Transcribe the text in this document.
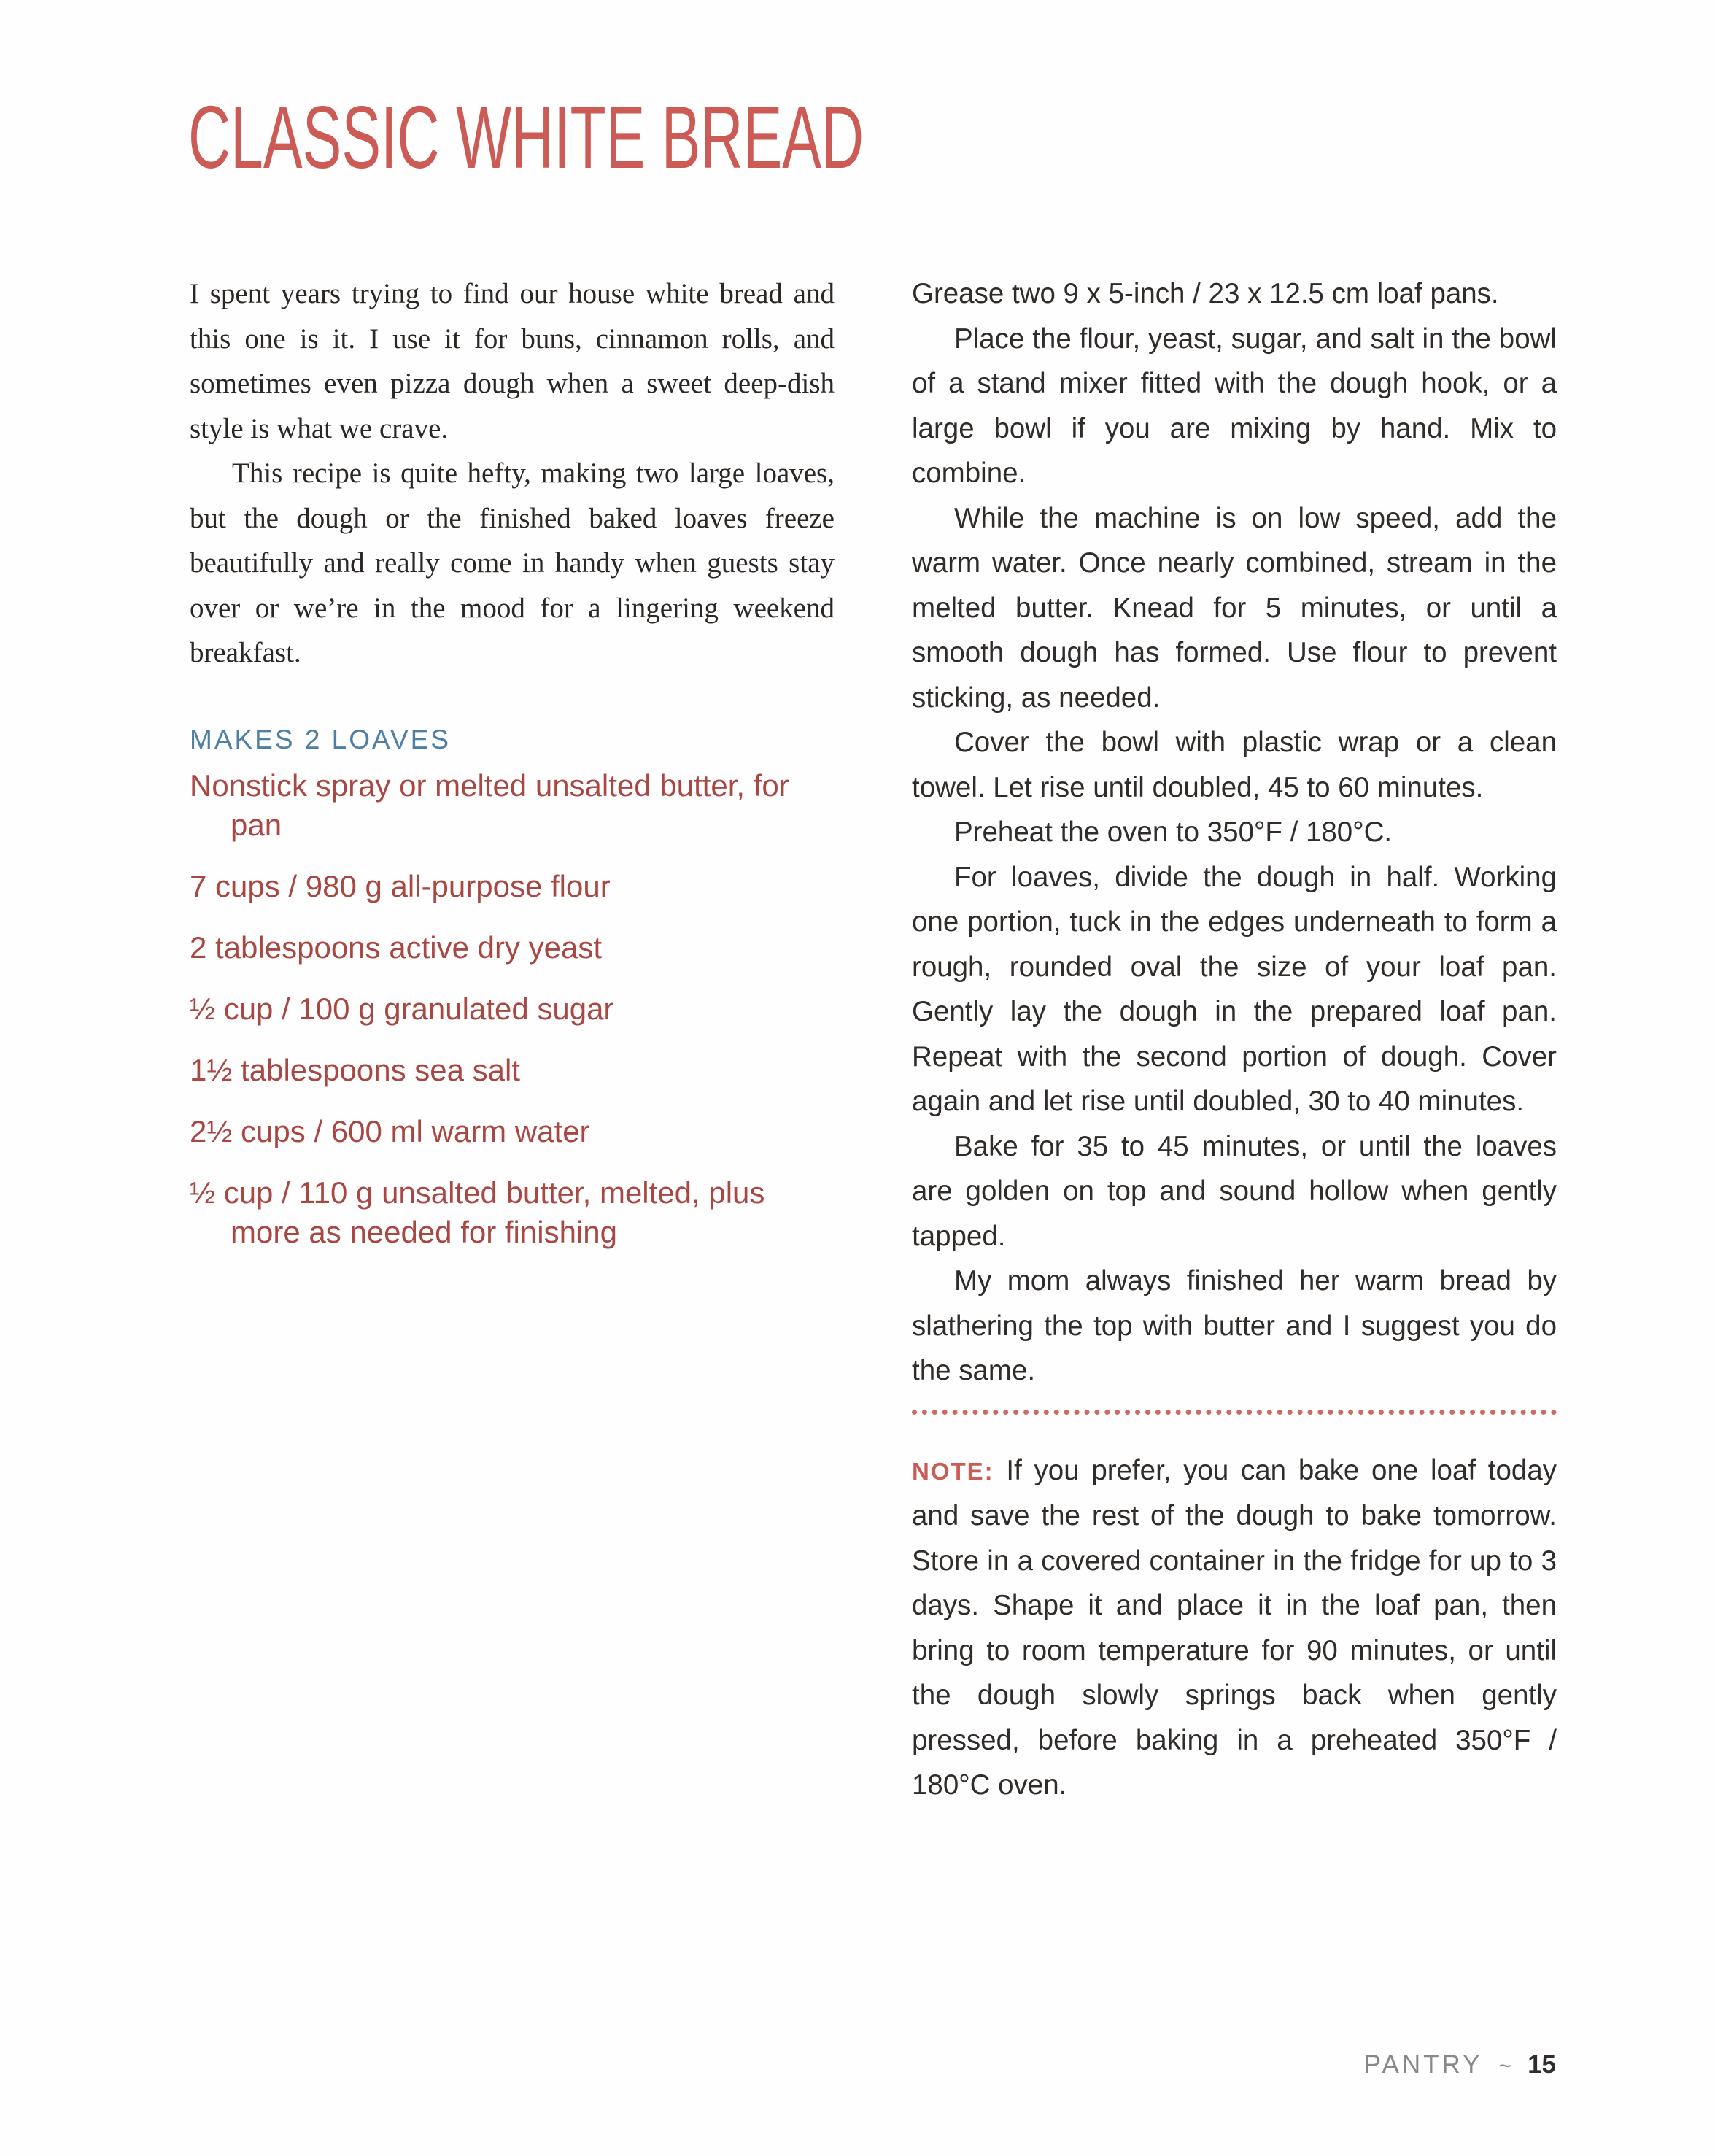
CLASSIC WHITE BREAD

I spent years trying to find our house white bread and this one is it. I use it for buns, cinnamon rolls, and sometimes even pizza dough when a sweet deep-dish style is what we crave.

This recipe is quite hefty, making two large loaves, but the dough or the finished baked loaves freeze beautifully and really come in handy when guests stay over or we’re in the mood for a lingering weekend breakfast.

MAKES 2 LOAVES
Nonstick spray or melted unsalted butter, for pan
7 cups / 980 g all-purpose flour
2 tablespoons active dry yeast
½ cup / 100 g granulated sugar
1½ tablespoons sea salt
2½ cups / 600 ml warm water
½ cup / 110 g unsalted butter, melted, plus more as needed for finishing

Grease two 9 x 5-inch / 23 x 12.5 cm loaf pans.

Place the flour, yeast, sugar, and salt in the bowl of a stand mixer fitted with the dough hook, or a large bowl if you are mixing by hand. Mix to combine.

While the machine is on low speed, add the warm water. Once nearly combined, stream in the melted butter. Knead for 5 minutes, or until a smooth dough has formed. Use flour to prevent sticking, as needed.

Cover the bowl with plastic wrap or a clean towel. Let rise until doubled, 45 to 60 minutes.

Preheat the oven to 350°F / 180°C.

For loaves, divide the dough in half. Working one portion, tuck in the edges underneath to form a rough, rounded oval the size of your loaf pan. Gently lay the dough in the prepared loaf pan. Repeat with the second portion of dough. Cover again and let rise until doubled, 30 to 40 minutes.

Bake for 35 to 45 minutes, or until the loaves are golden on top and sound hollow when gently tapped.

My mom always finished her warm bread by slathering the top with butter and I suggest you do the same.

NOTE: If you prefer, you can bake one loaf today and save the rest of the dough to bake tomorrow. Store in a covered container in the fridge for up to 3 days. Shape it and place it in the loaf pan, then bring to room temperature for 90 minutes, or until the dough slowly springs back when gently pressed, before baking in a preheated 350°F / 180°C oven.

PANTRY ~ 15
